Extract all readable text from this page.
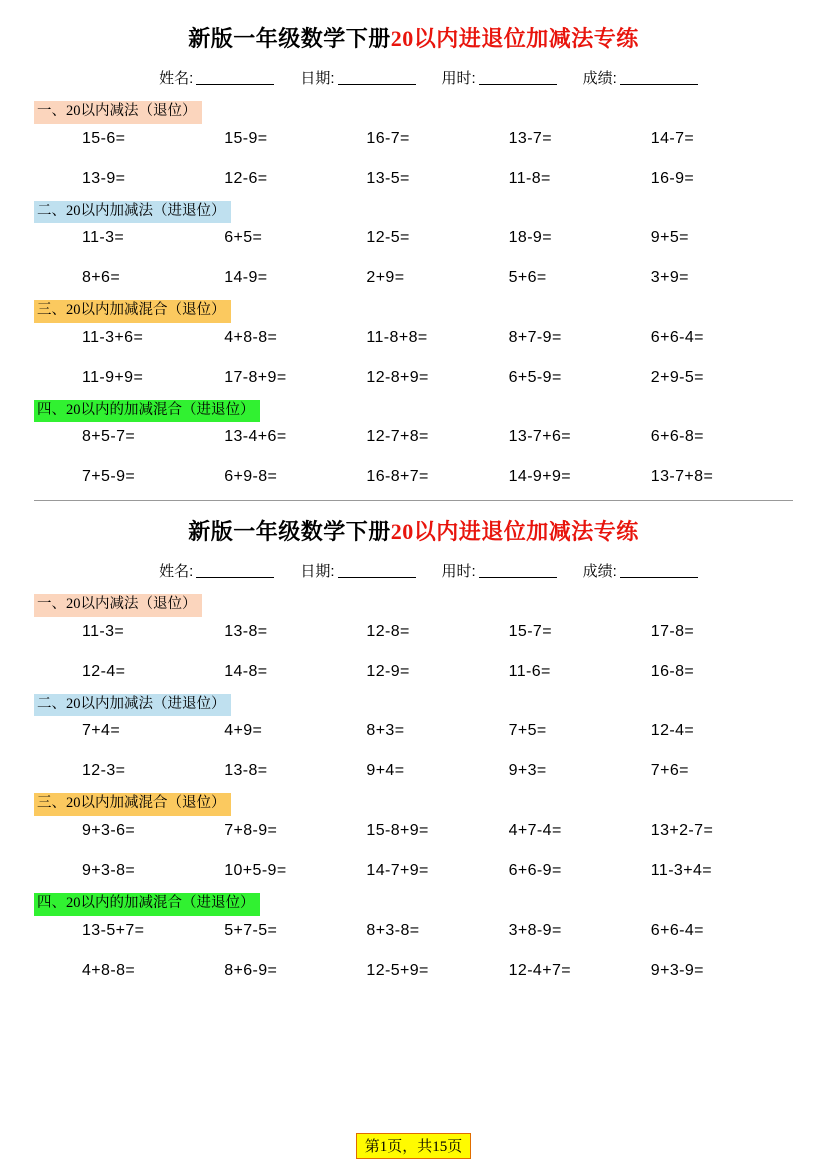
新版一年级数学下册20以内进退位加减法专练
姓名:	日期:	用时:	成绩:
一、20以内减法（退位）
15-6=	15-9=	16-7=	13-7=	14-7=
13-9=	12-6=	13-5=	11-8=	16-9=
二、20以内加减法（进退位）
11-3=	6+5=	12-5=	18-9=	9+5=
8+6=	14-9=	2+9=	5+6=	3+9=
三、20以内加减混合（退位）
11-3+6=	4+8-8=	11-8+8=	8+7-9=	6+6-4=
11-9+9=	17-8+9=	12-8+9=	6+5-9=	2+9-5=
四、20以内的加减混合（进退位）
8+5-7=	13-4+6=	12-7+8=	13-7+6=	6+6-8=
7+5-9=	6+9-8=	16-8+7=	14-9+9=	13-7+8=
新版一年级数学下册20以内进退位加减法专练
姓名:	日期:	用时:	成绩:
一、20以内减法（退位）
11-3=	13-8=	12-8=	15-7=	17-8=
12-4=	14-8=	12-9=	11-6=	16-8=
二、20以内加减法（进退位）
7+4=	4+9=	8+3=	7+5=	12-4=
12-3=	13-8=	9+4=	9+3=	7+6=
三、20以内加减混合（退位）
9+3-6=	7+8-9=	15-8+9=	4+7-4=	13+2-7=
9+3-8=	10+5-9=	14-7+9=	6+6-9=	11-3+4=
四、20以内的加减混合（进退位）
13-5+7=	5+7-5=	8+3-8=	3+8-9=	6+6-4=
4+8-8=	8+6-9=	12-5+9=	12-4+7=	9+3-9=
第1页，共15页
